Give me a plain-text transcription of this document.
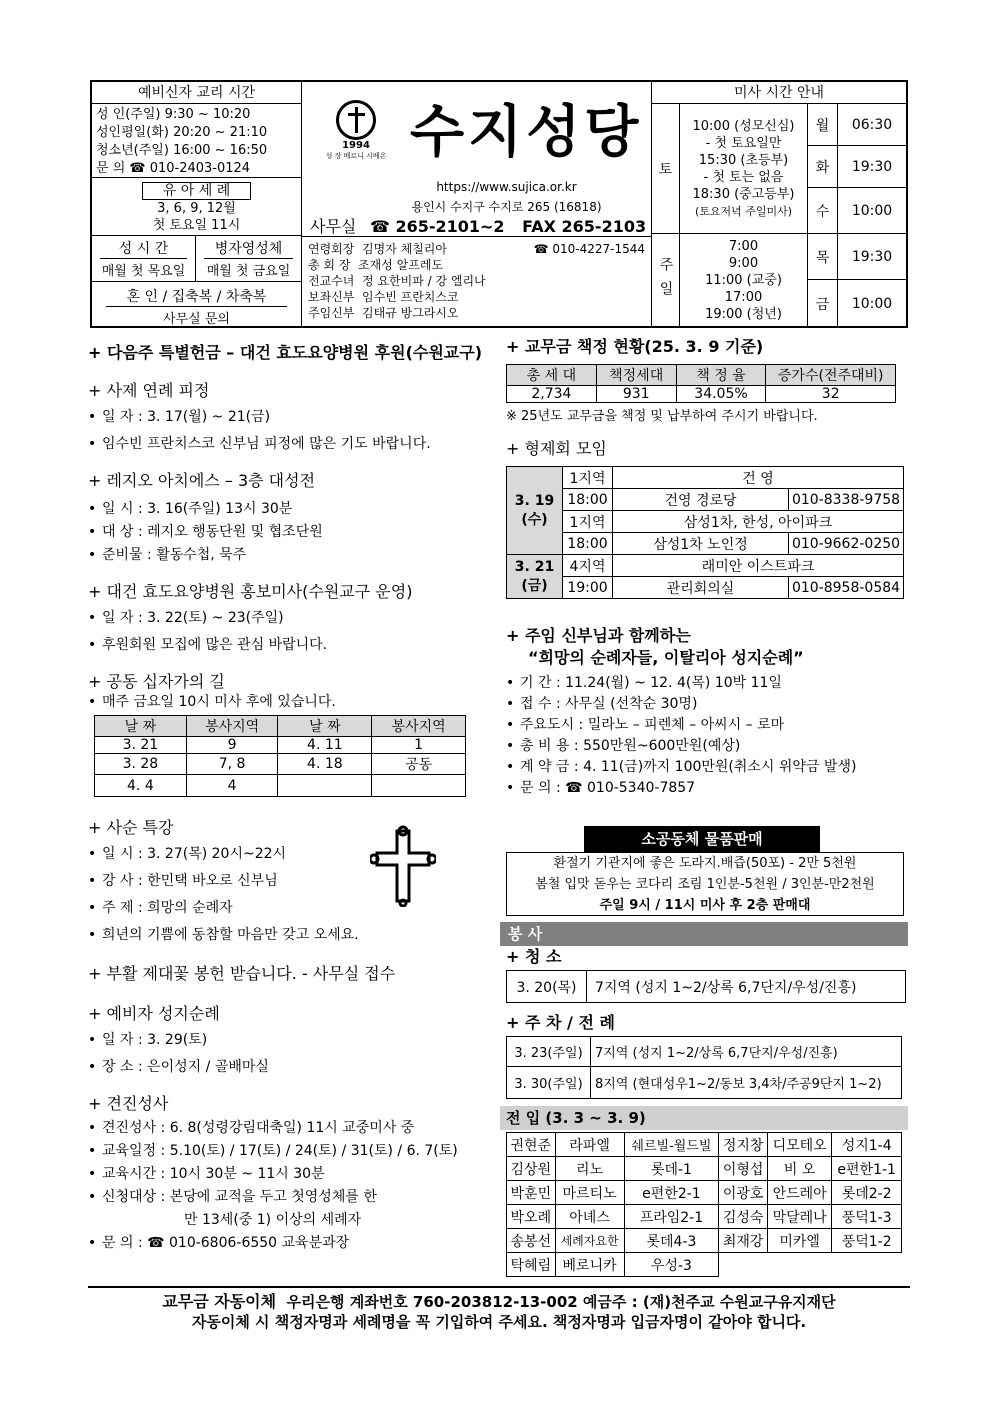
예비신자 교리 시간
성 인(주일) 9:30 ~ 10:20
성인평일(화) 20:20 ~ 21:10
청소년(주일) 16:00 ~ 16:50
문 의 ☎ 010-2403-0124
유 아 세 례
3, 6, 9, 12월
첫 토요일 11시
성 시 간
매월 첫 목요일
병자영성체
매월 첫 금요일
혼 인 / 집축복 / 차축복
사무실 문의
1994
성 장 베르니 시베온 수지성당
https://www.sujica.or.kr
용인시 수지구 수지로 265 (16818)
사무실 ☎ 265-2101~2 FAX 265-2103
연령회장 김명자 체칠리아	☎ 010-4227-1544
총 회 장 조재성 알프레도
전교수녀 정 요한비파 / 강 엘리나
보좌신부 임수빈 프란치스코
주임신부 김태규 방그라시오
미사 시간 안내
토
10:00 (성모신심)
- 첫 토요일만
15:30 (초등부)
- 첫 토는 없음
18:30 (중고등부)
(토요저녁 주일미사)
주일
7:00
9:00
11:00 (교중)
17:00
19:00 (청년)
월	06:30
화	19:30
수	10:00
목	19:30
금	10:00
+ 다음주 특별헌금 – 대건 효도요양병원 후원(수원교구)
+ 사제 연례 피정
• 일 자 : 3. 17(월) ~ 21(금)
• 임수빈 프란치스코 신부님 피정에 많은 기도 바랍니다.
+ 레지오 아치에스 – 3층 대성전
• 일 시 : 3. 16(주일) 13시 30분
• 대 상 : 레지오 행동단원 및 협조단원
• 준비물 : 활동수첩, 묵주
+ 대건 효도요양병원 홍보미사(수원교구 운영)
• 일 자 : 3. 22(토) ~ 23(주일)
• 후원회원 모집에 많은 관심 바랍니다.
+ 공동 십자가의 길
• 매주 금요일 10시 미사 후에 있습니다.
날 짜	봉사지역	날 짜	봉사지역
3. 21	9	4. 11	1
3. 28	7, 8	4. 18	공동
4. 4	4		
+ 사순 특강
• 일 시 : 3. 27(목) 20시~22시
• 강 사 : 한민택 바오로 신부님
• 주 제 : 희망의 순례자
• 희년의 기쁨에 동참할 마음만 갖고 오세요.
+ 부활 제대꽃 봉헌 받습니다. - 사무실 접수
+ 예비자 성지순례
• 일 자 : 3. 29(토)
• 장 소 : 은이성지 / 골배마실
+ 견진성사
• 견진성사 : 6. 8(성령강림대축일) 11시 교중미사 중
• 교육일정 : 5.10(토) / 17(토) / 24(토) / 31(토) / 6. 7(토)
• 교육시간 : 10시 30분 ~ 11시 30분
• 신청대상 : 본당에 교적을 두고 첫영성체를 한
만 13세(중 1) 이상의 세례자
• 문 의 : ☎ 010-6806-6550 교육분과장
+ 교무금 책정 현황(25. 3. 9 기준)
총 세 대	책정세대	책 정 율	증가수(전주대비)
2,734	931	34.05%	32
※ 25년도 교무금을 책정 및 납부하여 주시기 바랍니다.
+ 형제회 모임
3. 19 (수)	1지역	건 영	
	18:00	건영 경로당	010-8338-9758
	1지역	삼성1차, 한성, 아이파크	
	18:00	삼성1차 노인정	010-9662-0250
3. 21 (금)	4지역	래미안 이스트파크	
	19:00	관리회의실	010-8958-0584
+ 주임 신부님과 함께하는
“희망의 순례자들, 이탈리아 성지순례”
• 기 간 : 11.24(월) ~ 12. 4(목) 10박 11일
• 접 수 : 사무실 (선착순 30명)
• 주요도시 : 밀라노 – 피렌체 – 아씨시 – 로마
• 총 비 용 : 550만원~600만원(예상)
• 계 약 금 : 4. 11(금)까지 100만원(취소시 위약금 발생)
• 문 의 : ☎ 010-5340-7857
소공동체 물품판매
환절기 기관지에 좋은 도라지.배즙(50포) - 2만 5천원
봄철 입맛 돋우는 코다리 조림 1인분-5천원 / 3인분-만2천원
주일 9시 / 11시 미사 후 2층 판매대
봉 사
+ 청 소
3. 20(목)	7지역 (성지 1~2/상록 6,7단지/우성/진흥)
+ 주 차 / 전 례
3. 23(주일)	7지역 (성지 1~2/상록 6,7단지/우성/진흥)
3. 30(주일)	8지역 (현대성우1~2/동보 3,4차/주공9단지 1~2)
전 입 (3. 3 ~ 3. 9)
권현준	라파엘	쉐르빌-월드빌	정지창	디모테오	성지1-4
김상원	리노	롯데-1	이형섭	비 오	e편한1-1
박훈민	마르티노	e편한2-1	이광호	안드레아	롯데2-2
박오례	아녜스	프라임2-1	김성숙	막달레나	풍덕1-3
송봉선	세례자요한	롯데4-3	최재강	미카엘	풍덕1-2
탁혜림	베로니카	우성-3			
교무금 자동이체 우리은행 계좌번호 760-203812-13-002 예금주 : (재)천주교 수원교구유지재단
자동이체 시 책정자명과 세례명을 꼭 기입하여 주세요. 책정자명과 입금자명이 같아야 합니다.
